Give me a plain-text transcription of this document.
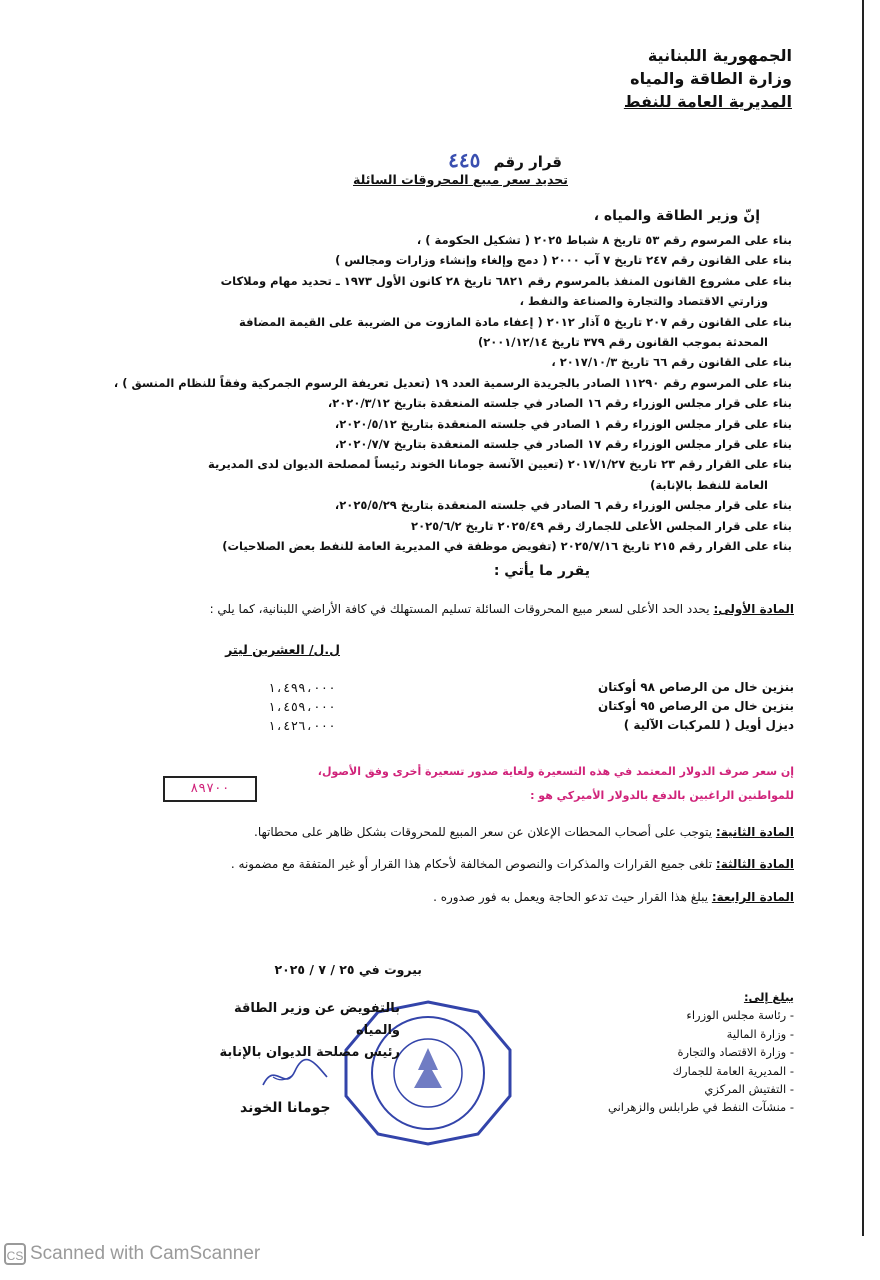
الجمهورية اللبنانية
وزارة الطاقة والمياه
المديرية العامة للنفط
قرار رقم ٤٤٥
تحديد سعر مبيع المحروقات السائلة
إنّ وزير الطاقة والمياه ،
بناء على المرسوم رقم ٥٣ تاريخ ٨ شباط ٢٠٢٥ ( تشكيل الحكومة ) ،
بناء على القانون رقم ٢٤٧ تاريخ ٧ آب ٢٠٠٠ ( دمج وإلغاء وإنشاء وزارات ومجالس )
بناء على مشروع القانون المنفذ بالمرسوم رقم ٦٨٢١ تاريخ ٢٨ كانون الأول ١٩٧٣ ـ تحديد مهام وملاكات
وزارتي الاقتصاد والتجارة والصناعة والنفط ،
بناء على القانون رقم ٢٠٧ تاريخ ٥ آذار ٢٠١٢ ( إعفاء مادة المازوت من الضريبة على القيمة المضافة
المحدثة بموجب القانون رقم ٣٧٩ تاريخ ٢٠٠١/١٢/١٤)
بناء على القانون رقم ٦٦ تاريخ ٢٠١٧/١٠/٣ ،
بناء على المرسوم رقم ١١٢٩٠ الصادر بالجريدة الرسمية العدد ١٩ (تعديل تعريفة الرسوم الجمركية وفقاً للنظام المنسق ) ،
بناء على قرار مجلس الوزراء رقم ١٦ الصادر في جلسته المنعقدة بتاريخ ٢٠٢٠/٣/١٢،
بناء على قرار مجلس الوزراء رقم ١ الصادر في جلسته المنعقدة بتاريخ ٢٠٢٠/٥/١٢،
بناء على قرار مجلس الوزراء رقم ١٧ الصادر في جلسته المنعقدة بتاريخ ٢٠٢٠/٧/٧،
بناء على القرار رقم ٢٣ تاريخ ٢٠١٧/١/٢٧ (تعيين الآنسة جومانا الخوند رئيساً لمصلحة الديوان لدى المديرية
العامة للنفط بالإنابة)
بناء على قرار مجلس الوزراء رقم ٦ الصادر في جلسته المنعقدة بتاريخ ٢٠٢٥/٥/٢٩،
بناء على قرار المجلس الأعلى للجمارك رقم ٢٠٢٥/٤٩ تاريخ ٢٠٢٥/٦/٢
بناء على القرار رقم ٢١٥ تاريخ ٢٠٢٥/٧/١٦ (تفويض موظفة في المديرية العامة للنفط بعض الصلاحيات)
يقرر ما يأتي :
المادة الأولى: يحدد الحد الأعلى لسعر مبيع المحروقات السائلة تسليم المستهلك في كافة الأراضي اللبنانية، كما يلي :
ل.ل/ العشرين ليتر
بنزين خال من الرصاص ٩٨ أوكتان
١،٤٩٩،٠٠٠
بنزين خال من الرصاص ٩٥ أوكتان
١،٤٥٩،٠٠٠
ديزل أويل ( للمركبات الآلية )
١،٤٢٦،٠٠٠
إن سعر صرف الدولار المعتمد في هذه التسعيرة ولغاية صدور تسعيرة أخرى وفق الأصول،
للمواطنين الراغبين بالدفع بالدولار الأميركي هو :
٨٩٧٠٠
المادة الثانية: يتوجب على أصحاب المحطات الإعلان عن سعر المبيع للمحروقات بشكل ظاهر على محطاتها.
المادة الثالثة: تلغى جميع القرارات والمذكرات والنصوص المخالفة لأحكام هذا القرار أو غير المتفقة مع مضمونه .
المادة الرابعة: يبلغ هذا القرار حيث تدعو الحاجة ويعمل به فور صدوره .
بيروت في ٢٥ / ٧ / ٢٠٢٥
بالتفويض عن وزير الطاقة والمياه
رئيس مصلحة الديوان بالإنابة
جومانا الخوند
يبلغ إلى:
- رئاسة مجلس الوزراء
- وزارة المالية
- وزارة الاقتصاد والتجارة
- المديرية العامة للجمارك
- التفتيش المركزي
- منشآت النفط في طرابلس والزهراني
CS Scanned with CamScanner
